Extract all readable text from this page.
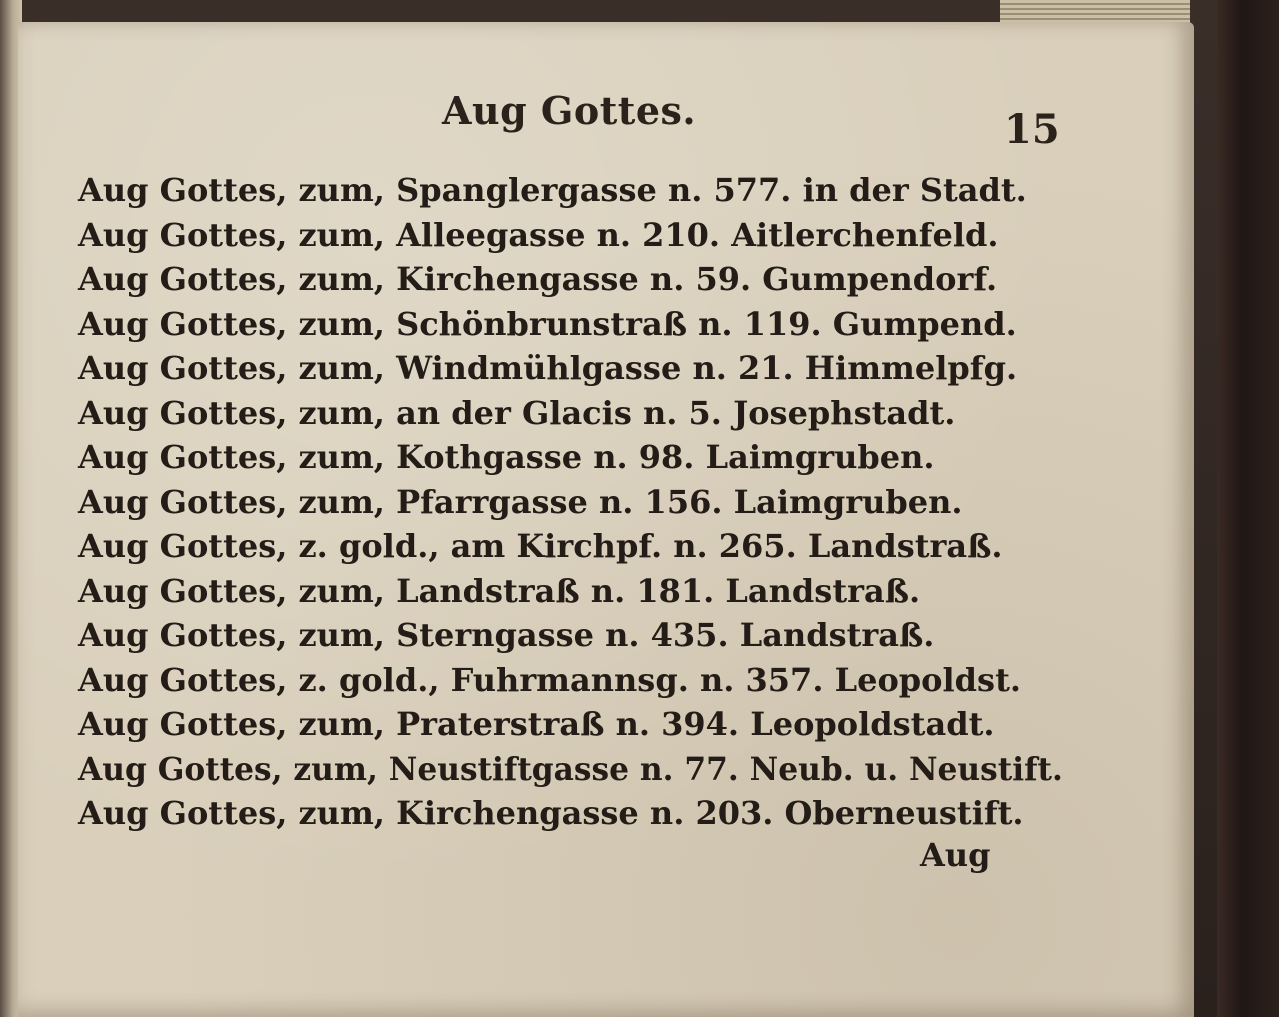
Aug Gottes.	15
Aug Gottes, zum, Spanglergasse n. 577. in der Stadt.
Aug Gottes, zum, Alleegasse n. 210. Aitlerchenfeld.
Aug Gottes, zum, Kirchengasse n. 59. Gumpendorf.
Aug Gottes, zum, Schönbrunstraß n. 119. Gumpend.
Aug Gottes, zum, Windmühlgasse n. 21. Himmelpfg.
Aug Gottes, zum, an der Glacis n. 5. Josephstadt.
Aug Gottes, zum, Kothgasse n. 98. Laimgruben.
Aug Gottes, zum, Pfarrgasse n. 156. Laimgruben.
Aug Gottes, z. gold., am Kirchpf. n. 265. Landstraß.
Aug Gottes, zum, Landstraß n. 181. Landstraß.
Aug Gottes, zum, Sterngasse n. 435. Landstraß.
Aug Gottes, z. gold., Fuhrmannsg. n. 357. Leopoldst.
Aug Gottes, zum, Praterstraß n. 394. Leopoldstadt.
Aug Gottes, zum, Neustiftgasse n. 77. Neub. u. Neustift.
Aug Gottes, zum, Kirchengasse n. 203. Oberneustift.
Aug
